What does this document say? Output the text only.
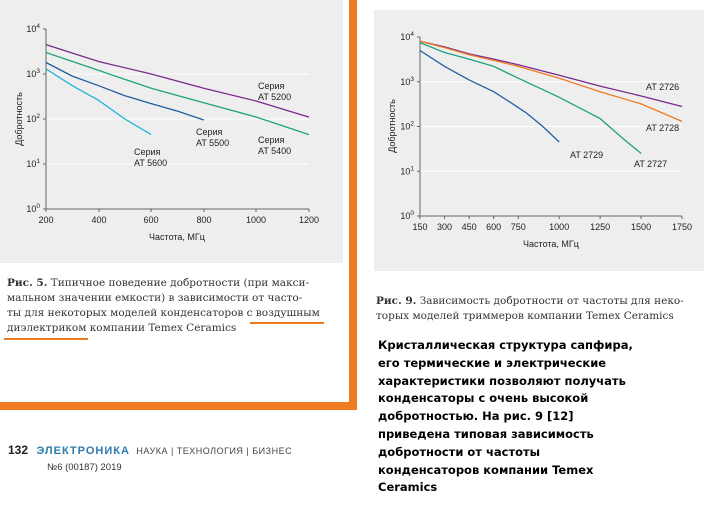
$10^0$
$10^1$
$10^2$
$10^3$
$10^4$
200	400	600	800	1000	1200
Частота, МГц
Добротность
Серия AT 5200
Серия AT 5400
Серия AT 5500
Серия AT 5600
$10^0$
$10^1$
$10^2$
$10^3$
$10^4$
150 300 450 600 750	1000 1250 1500 1750
Частота, МГц
Добротность
AT 2726
AT 2728
AT 2727
AT 2729
Рис. 5. Типичное поведение добротности (при макси-
мальном значении емкости) в зависимости от часто-
ты для некоторых моделей конденсаторов с воздушным
диэлектриком компании Temex Ceramics
Рис. 9. Зависимость добротности от частоты для неко-
торых моделей триммеров компании Temex Ceramics
132 ЭЛЕКТРОНИКА НАУКА | ТЕХНОЛОГИЯ | БИЗНЕС
№6 (00187) 2019
Кристаллическая структура сапфира,
его термические и электрические
характеристики позволяют получать
конденсаторы с очень высокой
добротностью. На рис. 9 [12]
приведена типовая зависимость
добротности от частоты
конденсаторов компании Temex
Ceramics
